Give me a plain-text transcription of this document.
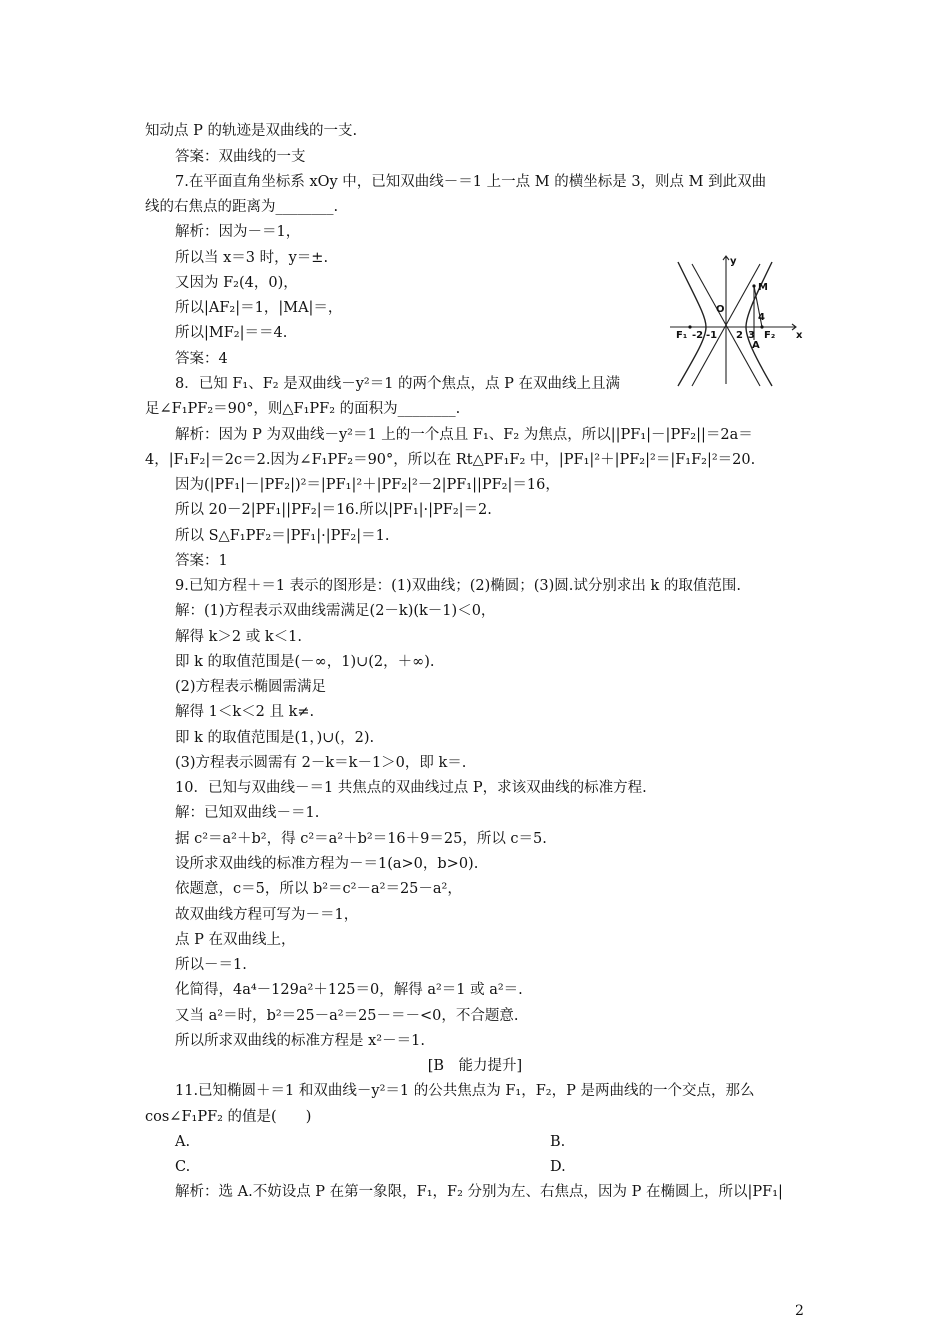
知动点 P 的轨迹是双曲线的一支.
答案：双曲线的一支
7.在平面直角坐标系 xOy 中，已知双曲线－＝1 上一点 M 的横坐标是 3，则点 M 到此双曲
线的右焦点的距离为________.
解析：因为－＝1，
所以当 x＝3 时，y＝±.
又因为 F₂(4，0)，
所以|AF₂|＝1，|MA|＝，
所以|MF₂|＝＝4.
答案：4
8．已知 F₁、F₂ 是双曲线－y²＝1 的两个焦点，点 P 在双曲线上且满
足∠F₁PF₂＝90°，则△F₁PF₂ 的面积为________.
解析：因为 P 为双曲线－y²＝1 上的一个点且 F₁、F₂ 为焦点，所以||PF₁|－|PF₂||＝2a＝
4，|F₁F₂|＝2c＝2.因为∠F₁PF₂＝90°，所以在 Rt△PF₁F₂ 中，|PF₁|²＋|PF₂|²＝|F₁F₂|²＝20.
因为(|PF₁|－|PF₂|)²＝|PF₁|²＋|PF₂|²－2|PF₁||PF₂|＝16，
所以 20－2|PF₁||PF₂|＝16.所以|PF₁|·|PF₂|＝2.
所以 S△F₁PF₂＝|PF₁|·|PF₂|＝1.
答案：1
9.已知方程＋＝1 表示的图形是：(1)双曲线；(2)椭圆；(3)圆.试分别求出 k 的取值范围.
解：(1)方程表示双曲线需满足(2－k)(k－1)＜0，
解得 k＞2 或 k＜1.
即 k 的取值范围是(－∞，1)∪(2，＋∞).
(2)方程表示椭圆需满足
解得 1＜k＜2 且 k≠.
即 k 的取值范围是(1，)∪(，2).
(3)方程表示圆需有 2－k＝k－1＞0，即 k＝.
10．已知与双曲线－＝1 共焦点的双曲线过点 P，求该双曲线的标准方程.
解：已知双曲线－＝1.
据 c²＝a²＋b²，得 c²＝a²＋b²＝16＋9＝25，所以 c＝5.
设所求双曲线的标准方程为－＝1(a>0，b>0).
依题意，c＝5，所以 b²＝c²－a²＝25－a²，
故双曲线方程可写为－＝1，
点 P 在双曲线上，
所以－＝1.
化简得，4a⁴－129a²＋125＝0，解得 a²＝1 或 a²＝.
又当 a²＝时，b²＝25－a²＝25－＝－<0，不合题意.
所以所求双曲线的标准方程是 x²－＝1.
[B　能力提升]
11.已知椭圆＋＝1 和双曲线－y²＝1 的公共焦点为 F₁，F₂，P 是两曲线的一个交点，那么
cos∠F₁PF₂ 的值是(　　)
A.	B.
C.	D.
解析：选 A.不妨设点 P 在第一象限，F₁，F₂ 分别为左、右焦点，因为 P 在椭圆上，所以|PF₁|
y
x
O
M
A
F₁	F₂
-2 -1 2 3
4
2
